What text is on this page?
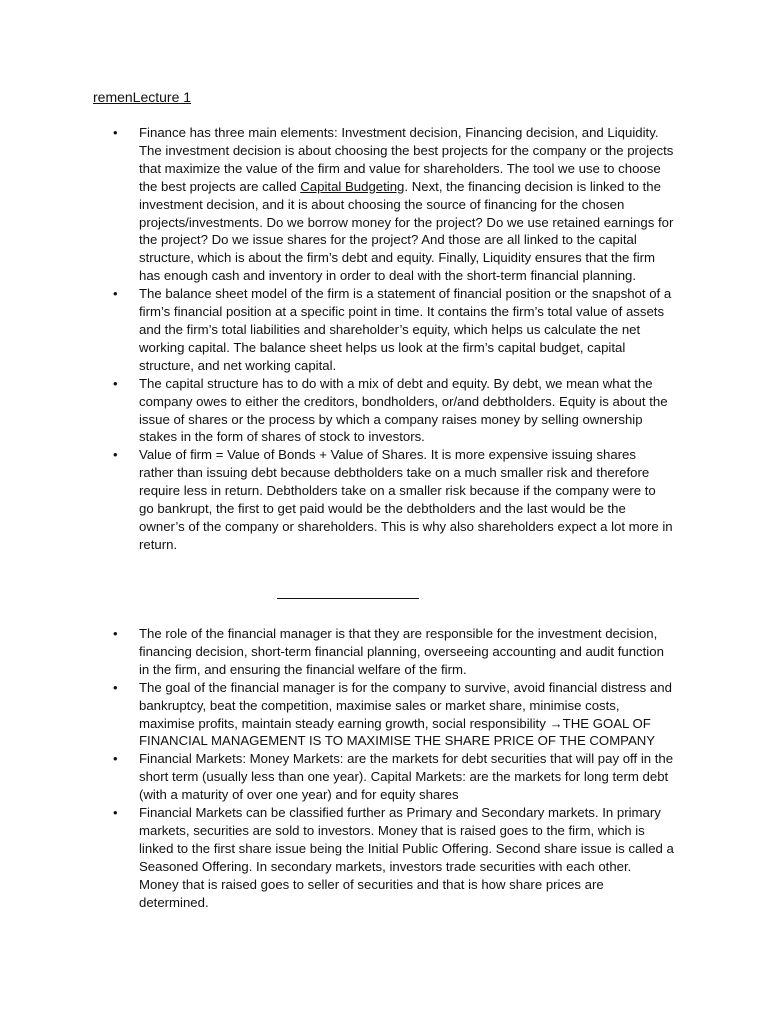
remenLecture 1
• Finance has three main elements: Investment decision, Financing decision, and Liquidity. The investment decision is about choosing the best projects for the company or the projects that maximize the value of the firm and value for shareholders. The tool we use to choose the best projects are called Capital Budgeting. Next, the financing decision is linked to the investment decision, and it is about choosing the source of financing for the chosen projects/investments. Do we borrow money for the project? Do we use retained earnings for the project? Do we issue shares for the project? And those are all linked to the capital structure, which is about the firm’s debt and equity. Finally, Liquidity ensures that the firm has enough cash and inventory in order to deal with the short-term financial planning.
• The balance sheet model of the firm is a statement of financial position or the snapshot of a firm’s financial position at a specific point in time. It contains the firm’s total value of assets and the firm’s total liabilities and shareholder’s equity, which helps us calculate the net working capital. The balance sheet helps us look at the firm’s capital budget, capital structure, and net working capital.
• The capital structure has to do with a mix of debt and equity. By debt, we mean what the company owes to either the creditors, bondholders, or/and debtholders. Equity is about the issue of shares or the process by which a company raises money by selling ownership stakes in the form of shares of stock to investors.
• Value of firm = Value of Bonds + Value of Shares. It is more expensive issuing shares rather than issuing debt because debtholders take on a much smaller risk and therefore require less in return. Debtholders take on a smaller risk because if the company were to go bankrupt, the first to get paid would be the debtholders and the last would be the owner’s of the company or shareholders. This is why also shareholders expect a lot more in return.
• The role of the financial manager is that they are responsible for the investment decision, financing decision, short-term financial planning, overseeing accounting and audit function in the firm, and ensuring the financial welfare of the firm.
• The goal of the financial manager is for the company to survive, avoid financial distress and bankruptcy, beat the competition, maximise sales or market share, minimise costs, maximise profits, maintain steady earning growth, social responsibility →THE GOAL OF FINANCIAL MANAGEMENT IS TO MAXIMISE THE SHARE PRICE OF THE COMPANY
• Financial Markets: Money Markets: are the markets for debt securities that will pay off in the short term (usually less than one year). Capital Markets: are the markets for long term debt (with a maturity of over one year) and for equity shares
• Financial Markets can be classified further as Primary and Secondary markets. In primary markets, securities are sold to investors. Money that is raised goes to the firm, which is linked to the first share issue being the Initial Public Offering. Second share issue is called a Seasoned Offering. In secondary markets, investors trade securities with each other. Money that is raised goes to seller of securities and that is how share prices are determined.
